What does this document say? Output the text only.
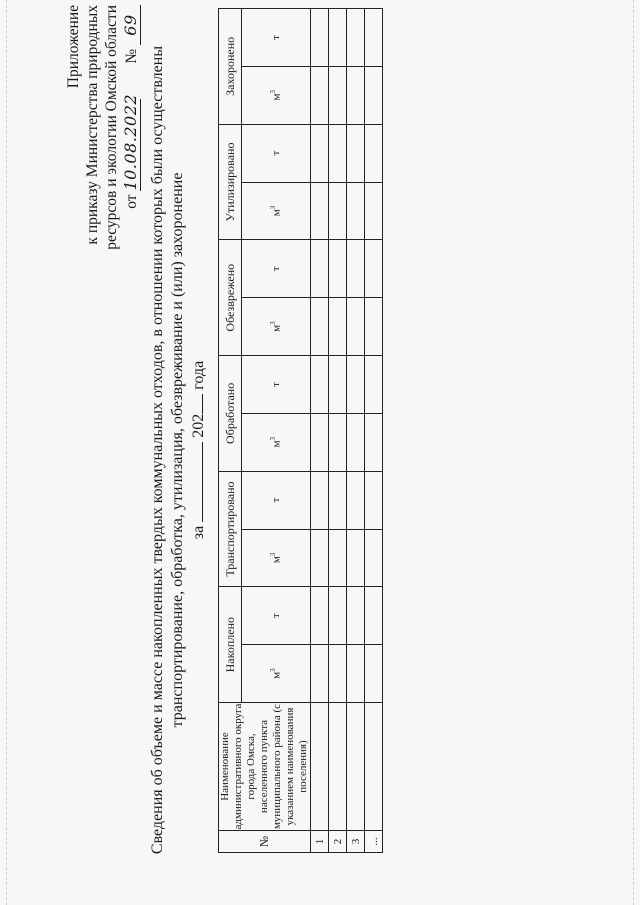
Приложение к приказу Министерства природных ресурсов и экологии Омской области от 10.08.2022         № 69
Сведения об объеме и массе накопленных твердых коммунальных отходов, в отношении которых были осуществлены транспортирование, обработка, утилизация, обезвреживание и (или) захоронение за  202 года
№	Наименование административного округа города Омска, населенного пункта муниципального района (с указанием наименования поселения)	Накоплено		Транспортировано		Обработано		Обезврежено		Утилизировано		Захоронено	
		$м^3$	т	$м^3$	т	$м^3$	т	$м^3$	т	$м^3$	т	$м^3$	т
1													
2													
3													
...													
